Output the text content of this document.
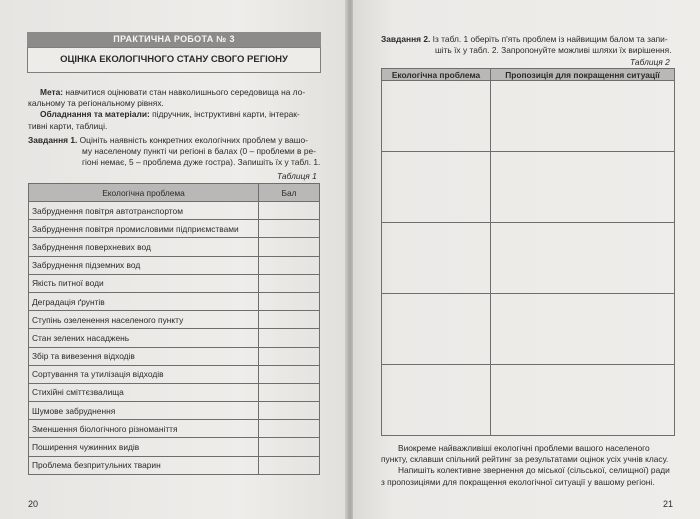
ПРАКТИЧНА РОБОТА № 3
ОЦІНКА ЕКОЛОГІЧНОГО СТАНУ СВОГО РЕГІОНУ
Мета: навчитися оцінювати стан навколишнього середовища на ло-
кальному та регіональному рівнях.
Обладнання та матеріали: підручник, інструктивні карти, інтерак-
тивні карти, таблиці.
Завдання 1. Оцініть наявність конкретних екологічних проблем у вашо-
му населеному пункті чи регіоні в балах (0 – проблеми в ре-
гіоні немає, 5 – проблема дуже гостра). Запишіть їх у табл. 1.
Таблиця 1
Екологічна проблема	Бал
Забруднення повітря автотранспортом	
Забруднення повітря промисловими підприємствами	
Забруднення поверхневих вод	
Забруднення підземних вод	
Якість питної води	
Деградація ґрунтів	
Ступінь озеленення населеного пункту	
Стан зелених насаджень	
Збір та вивезення відходів	
Сортування та утилізація відходів	
Стихійні сміттєзвалища	
Шумове забруднення	
Зменшення біологічного різноманіття	
Поширення чужинних видів	
Проблема безпритульних тварин	
20
Завдання 2. Із табл. 1 оберіть п'ять проблем із найвищим балом та запи-
шіть їх у табл. 2. Запропонуйте можливі шляхи їх вирішення.
Таблиця 2
Екологічна проблема	Пропозиція для покращення ситуації

Виокреме найважливіші екологічні проблеми вашого населеного
пункту, склавши спільний рейтинг за результатами оцінок усіх учнів класу.
Напишіть колективне звернення до міської (сільської, селищної) ради
з пропозиціями для покращення екологічної ситуації у вашому регіоні.
21
